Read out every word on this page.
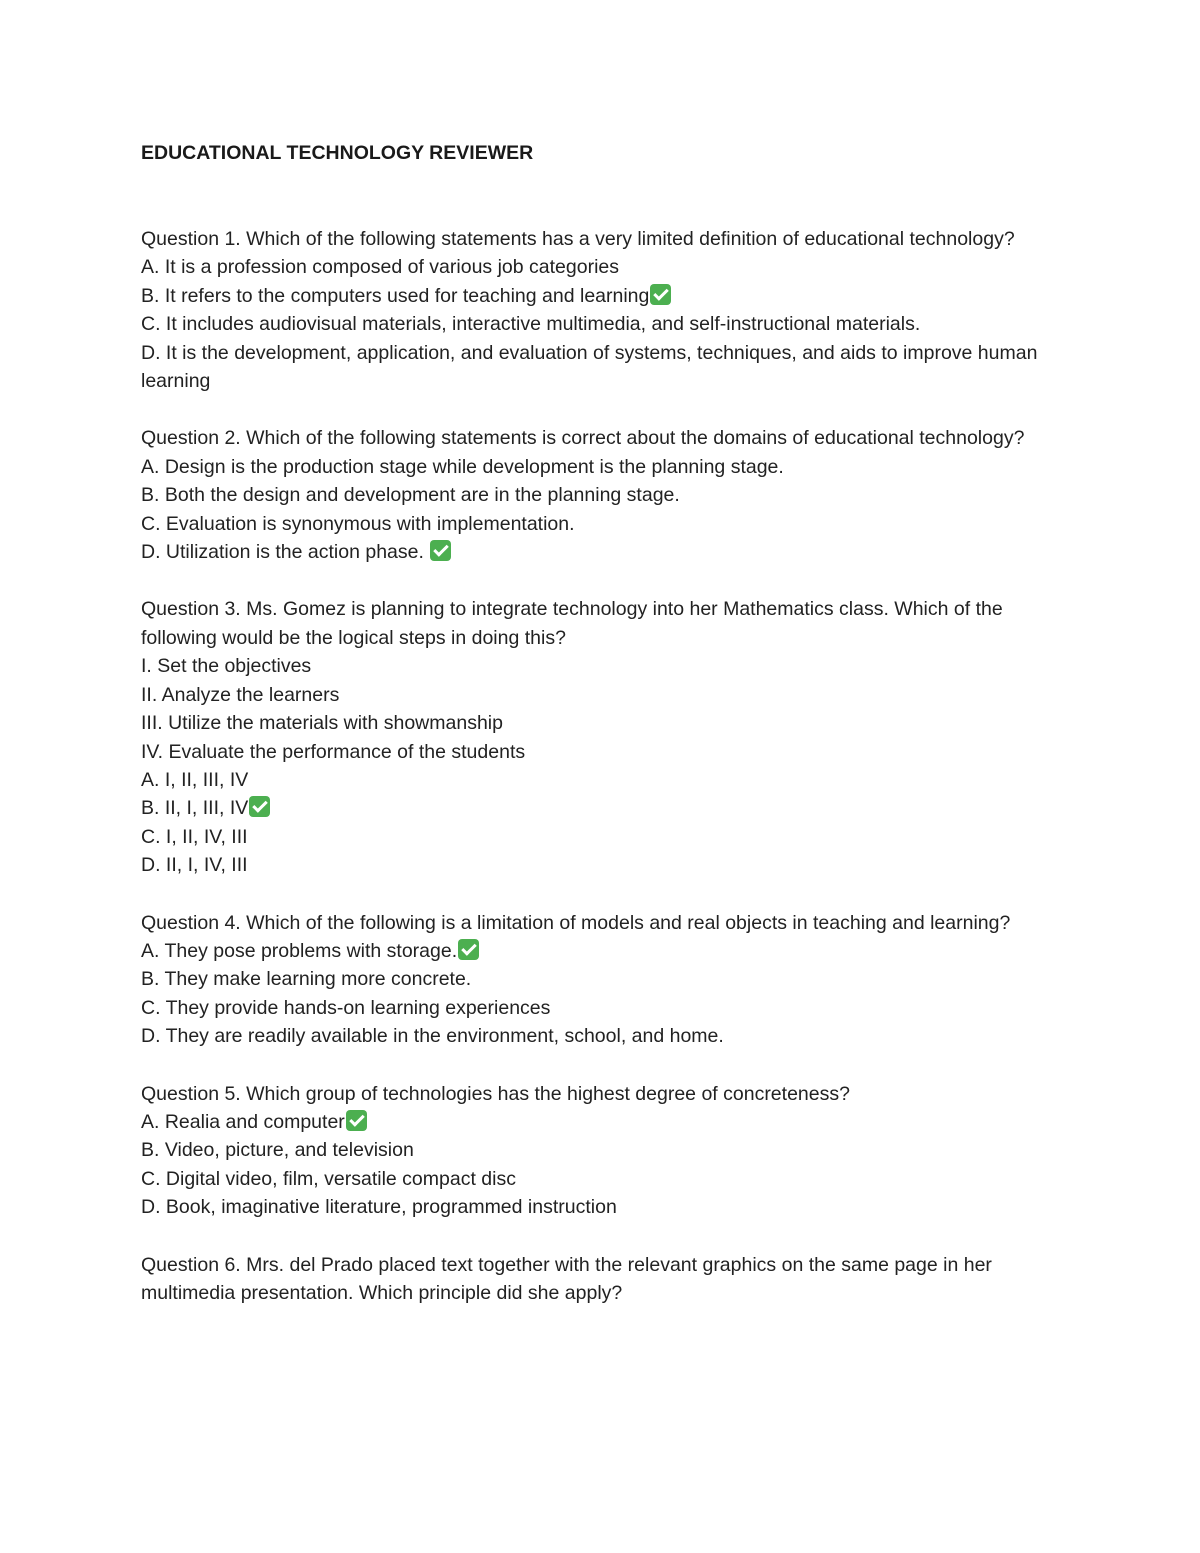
EDUCATIONAL TECHNOLOGY REVIEWER
Question 1. Which of the following statements has a very limited definition of educational technology?
A. It is a profession composed of various job categories
B. It refers to the computers used for teaching and learning
C. It includes audiovisual materials, interactive multimedia, and self-instructional materials.
D. It is the development, application, and evaluation of systems, techniques, and aids to improve human learning
Question 2. Which of the following statements is correct about the domains of educational technology?
A. Design is the production stage while development is the planning stage.
B. Both the design and development are in the planning stage.
C. Evaluation is synonymous with implementation.
D. Utilization is the action phase.
Question 3. Ms. Gomez is planning to integrate technology into her Mathematics class. Which of the following would be the logical steps in doing this?
I. Set the objectives
II. Analyze the learners
III. Utilize the materials with showmanship
IV. Evaluate the performance of the students
A. I, II, III, IV
B. II, I, III, IV
C. I, II, IV, III
D. II, I, IV, III
Question 4. Which of the following is a limitation of models and real objects in teaching and learning?
A. They pose problems with storage.
B. They make learning more concrete.
C. They provide hands-on learning experiences
D. They are readily available in the environment, school, and home.
Question 5. Which group of technologies has the highest degree of concreteness?
A. Realia and computer
B. Video, picture, and television
C. Digital video, film, versatile compact disc
D. Book, imaginative literature, programmed instruction
Question 6. Mrs. del Prado placed text together with the relevant graphics on the same page in her multimedia presentation. Which principle did she apply?
